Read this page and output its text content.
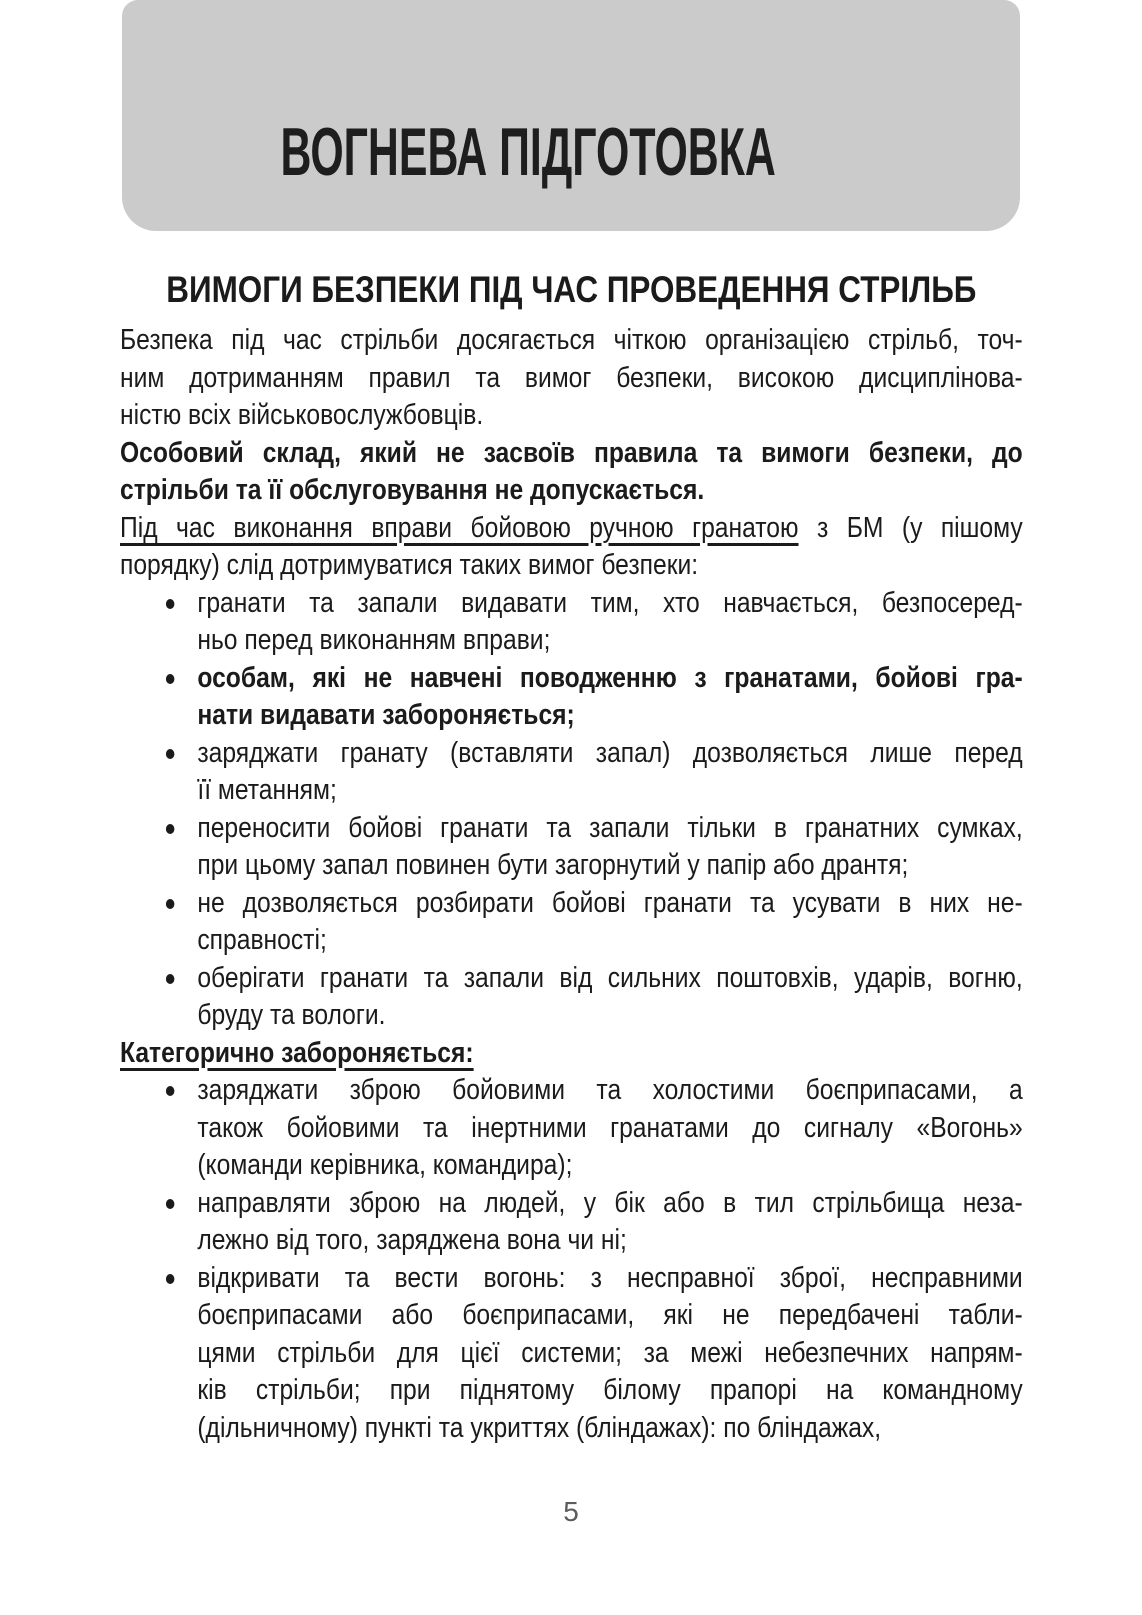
ВОГНЕВА ПІДГОТОВКА
ВИМОГИ БЕЗПЕКИ ПІД ЧАС ПРОВЕДЕННЯ СТРІЛЬБ
Безпека під час стрільби досягається чіткою організацією стрільб, точ-
ним дотриманням правил та вимог безпеки, високою дисциплінова-
ністю всіх військовослужбовців.
Особовий склад, який не засвоїв правила та вимоги безпеки, до
стрільби та її обслуговування не допускається.
Під час виконання вправи бойовою ручною гранатою з БМ (у пішому
порядку) слід дотримуватися таких вимог безпеки:
гранати та запали видавати тим, хто навчається, безпосеред-
ньо перед виконанням вправи;
особам, які не навчені поводженню з гранатами, бойові гра-
нати видавати забороняється;
заряджати гранату (вставляти запал) дозволяється лише перед
її метанням;
переносити бойові гранати та запали тільки в гранатних сумках,
при цьому запал повинен бути загорнутий у папір або дрантя;
не дозволяється розбирати бойові гранати та усувати в них не-
справності;
оберігати гранати та запали від сильних поштовхів, ударів, вогню,
бруду та вологи.
Категорично забороняється:
заряджати зброю бойовими та холостими боєприпасами, а
також бойовими та інертними гранатами до сигналу «Вогонь»
(команди керівника, командира);
направляти зброю на людей, у бік або в тил стрільбища неза-
лежно від того, заряджена вона чи ні;
відкривати та вести вогонь: з несправної зброї, несправними
боєприпасами або боєприпасами, які не передбачені табли-
цями стрільби для цієї системи; за межі небезпечних напрям-
ків стрільби; при піднятому білому прапорі на командному
(дільничному) пункті та укриттях (бліндажах): по бліндажах,
5
